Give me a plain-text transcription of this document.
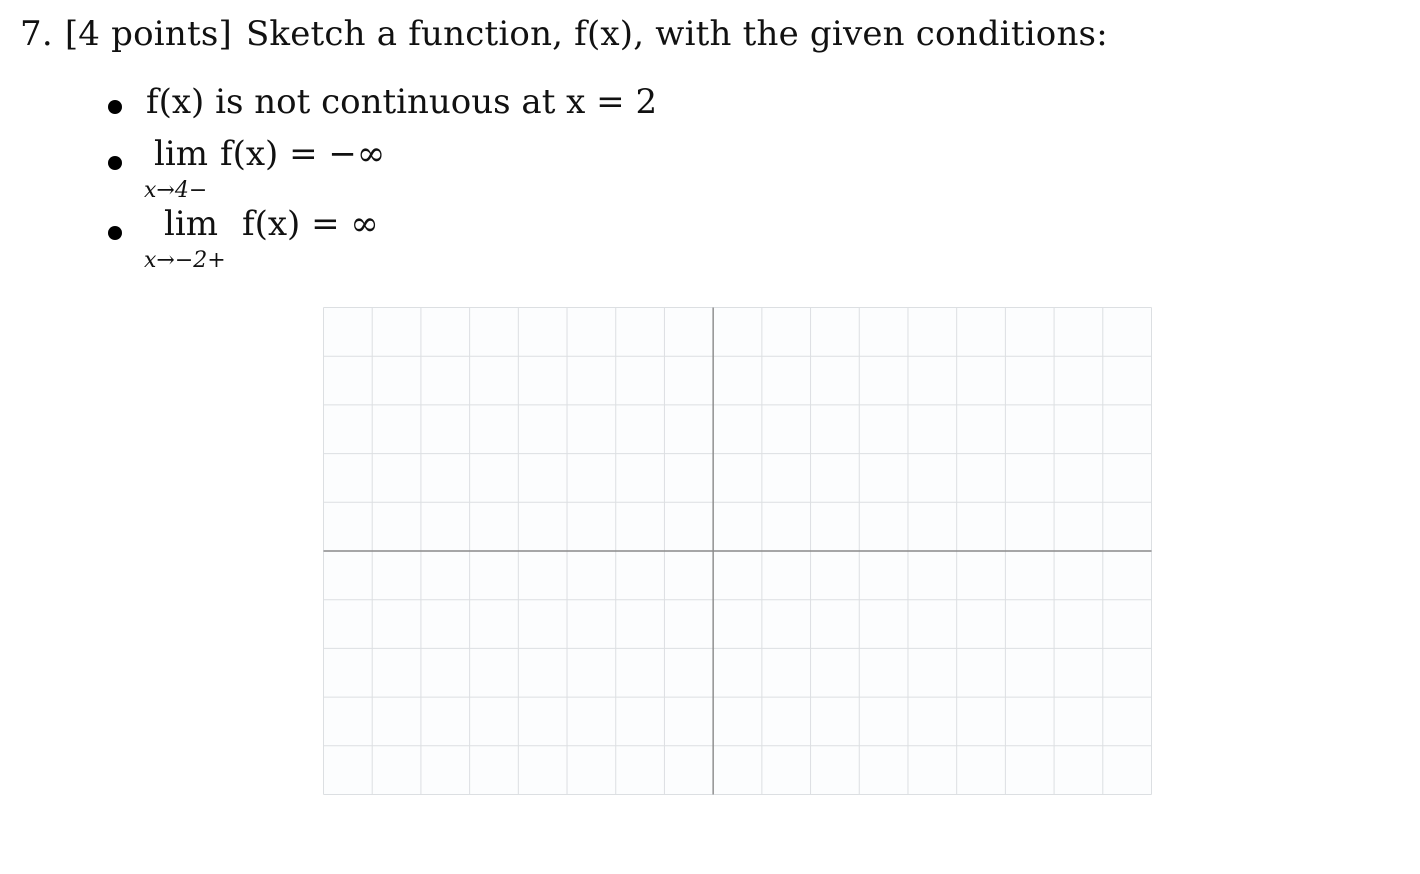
7. [4 points] Sketch a function, f(x), with the given conditions:
f(x) is not continuous at x = 2
lim
x→4−
f(x) = −∞
lim
x→−2+
f(x) = ∞
